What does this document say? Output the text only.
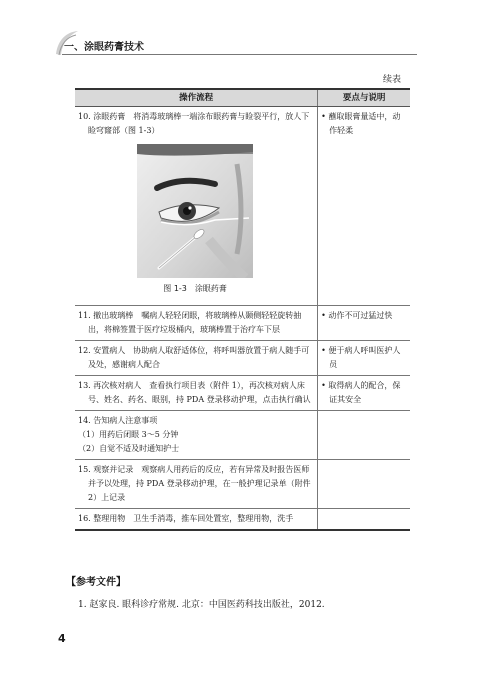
一、涂眼药膏技术
续表
操作流程	要点与说明

10. 涂眼药膏　将消毒玻璃棒一端涂布眼药膏与睑裂平行，放人下睑穹窿部（图 1-3）
图 1-3　涂眼药膏	• 蘸取眼膏量适中，动作轻柔

11. 撤出玻璃棒　嘱病人轻轻闭眼，将玻璃棒从颞侧轻轻旋转抽出，将棉签置于医疗垃圾桶内，玻璃棒置于治疗车下层	• 动作不可过猛过快

12. 安置病人　协助病人取舒适体位，将呼叫器放置于病人随手可及处，感谢病人配合	• 便于病人呼叫医护人员

13. 再次核对病人　查看执行项目表（附件 1），再次核对病人床号、姓名、药名、眼别，持 PDA 登录移动护理，点击执行确认	• 取得病人的配合，保证其安全

14. 告知病人注意事项
（1）用药后闭眼 3～5 分钟
（2）自觉不适及时通知护士	

15. 观察并记录　观察病人用药后的反应，若有异常及时报告医师并予以处理，持 PDA 登录移动护理，在一般护理记录单（附件 2）上记录	

16. 整理用物　卫生手消毒，推车回处置室，整理用物，洗手	

【参考文件】
1. 赵家良. 眼科诊疗常规. 北京：中国医药科技出版社，2012.
4
